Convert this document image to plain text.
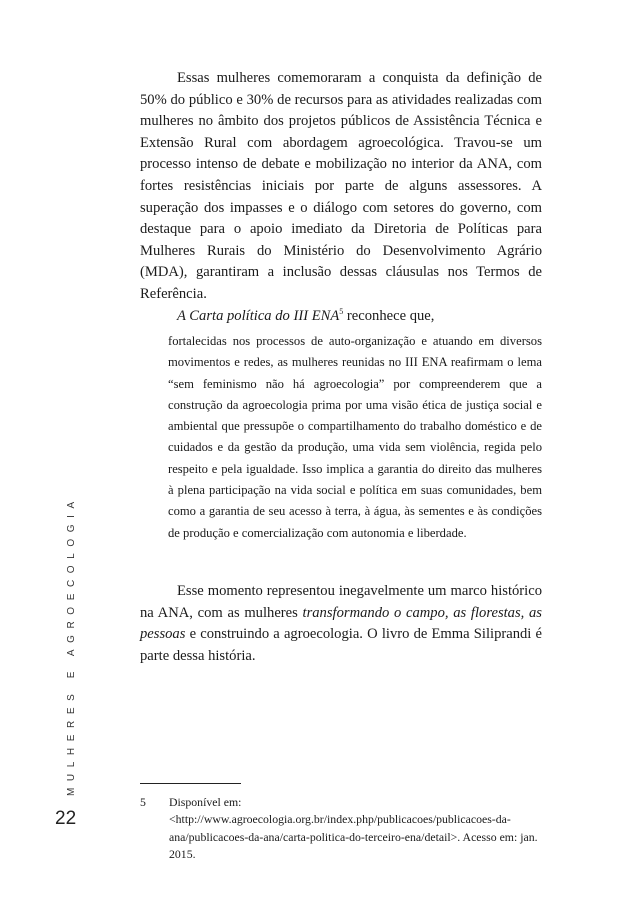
MULHERES E AGROECOLOGIA
22

Essas mulheres comemoraram a conquista da definição de 50% do público e 30% de recursos para as atividades realizadas com mulheres no âmbito dos projetos públicos de Assistência Técnica e Extensão Rural com abordagem agroecológica. Travou-se um processo intenso de debate e mobilização no interior da ANA, com fortes resistências iniciais por parte de alguns assessores. A superação dos impasses e o diálogo com setores do governo, com destaque para o apoio imediato da Diretoria de Políticas para Mulheres Rurais do Ministério do Desenvolvimento Agrário (MDA), garantiram a inclusão dessas cláusulas nos Termos de Referência.

A Carta política do III ENA$^5$ reconhece que,

fortalecidas nos processos de auto-organização e atuando em diversos movimentos e redes, as mulheres reunidas no III ENA reafirmam o lema “sem feminismo não há agroecologia” por compreenderem que a construção da agroecologia prima por uma visão ética de justiça social e ambiental que pressupõe o compartilhamento do trabalho doméstico e de cuidados e da gestão da produção, uma vida sem violência, regida pelo respeito e pela igualdade. Isso implica a garantia do direito das mulheres à plena participação na vida social e política em suas comunidades, bem como a garantia de seu acesso à terra, à água, às sementes e às condições de produção e comercialização com autonomia e liberdade.

Esse momento representou inegavelmente um marco histórico na ANA, com as mulheres transformando o campo, as florestas, as pessoas e construindo a agroecologia. O livro de Emma Siliprandi é parte dessa história.

5 Disponível em: <http://www.agroecologia.org.br/index.php/publicacoes/publicacoes-da-ana/publicacoes-da-ana/carta-politica-do-terceiro-ena/detail>. Acesso em: jan. 2015.
